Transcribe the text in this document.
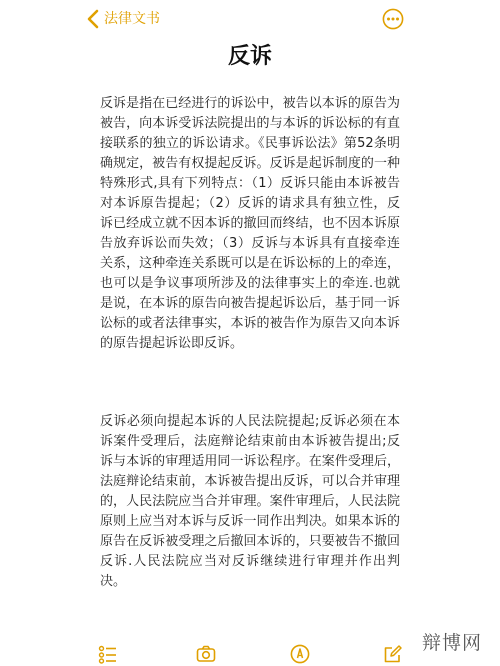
法律文书
反诉

反诉是指在已经进行的诉讼中，被告以本诉的原告为被告，向本诉受诉法院提出的与本诉的诉讼标的有直接联系的独立的诉讼请求。《民事诉讼法》第52条明确规定，被告有权提起反诉。反诉是起诉制度的一种特殊形式,具有下列特点：（1）反诉只能由本诉被告对本诉原告提起；（2）反诉的请求具有独立性，反诉已经成立就不因本诉的撤回而终结，也不因本诉原告放弃诉讼而失效；（3）反诉与本诉具有直接牵连关系，这种牵连关系既可以是在诉讼标的上的牵连，也可以是争议事项所涉及的法律事实上的牵连.也就是说，在本诉的原告向被告提起诉讼后，基于同一诉讼标的或者法律事实，本诉的被告作为原告又向本诉的原告提起诉讼即反诉。

反诉必须向提起本诉的人民法院提起;反诉必须在本诉案件受理后，法庭辩论结束前由本诉被告提出;反诉与本诉的审理适用同一诉讼程序。在案件受理后，法庭辩论结束前，本诉被告提出反诉，可以合并审理的，人民法院应当合并审理。案件审理后，人民法院原则上应当对本诉与反诉一同作出判决。如果本诉的原告在反诉被受理之后撤回本诉的，只要被告不撤回反诉.人民法院应当对反诉继续进行审理并作出判决。

辩博网
